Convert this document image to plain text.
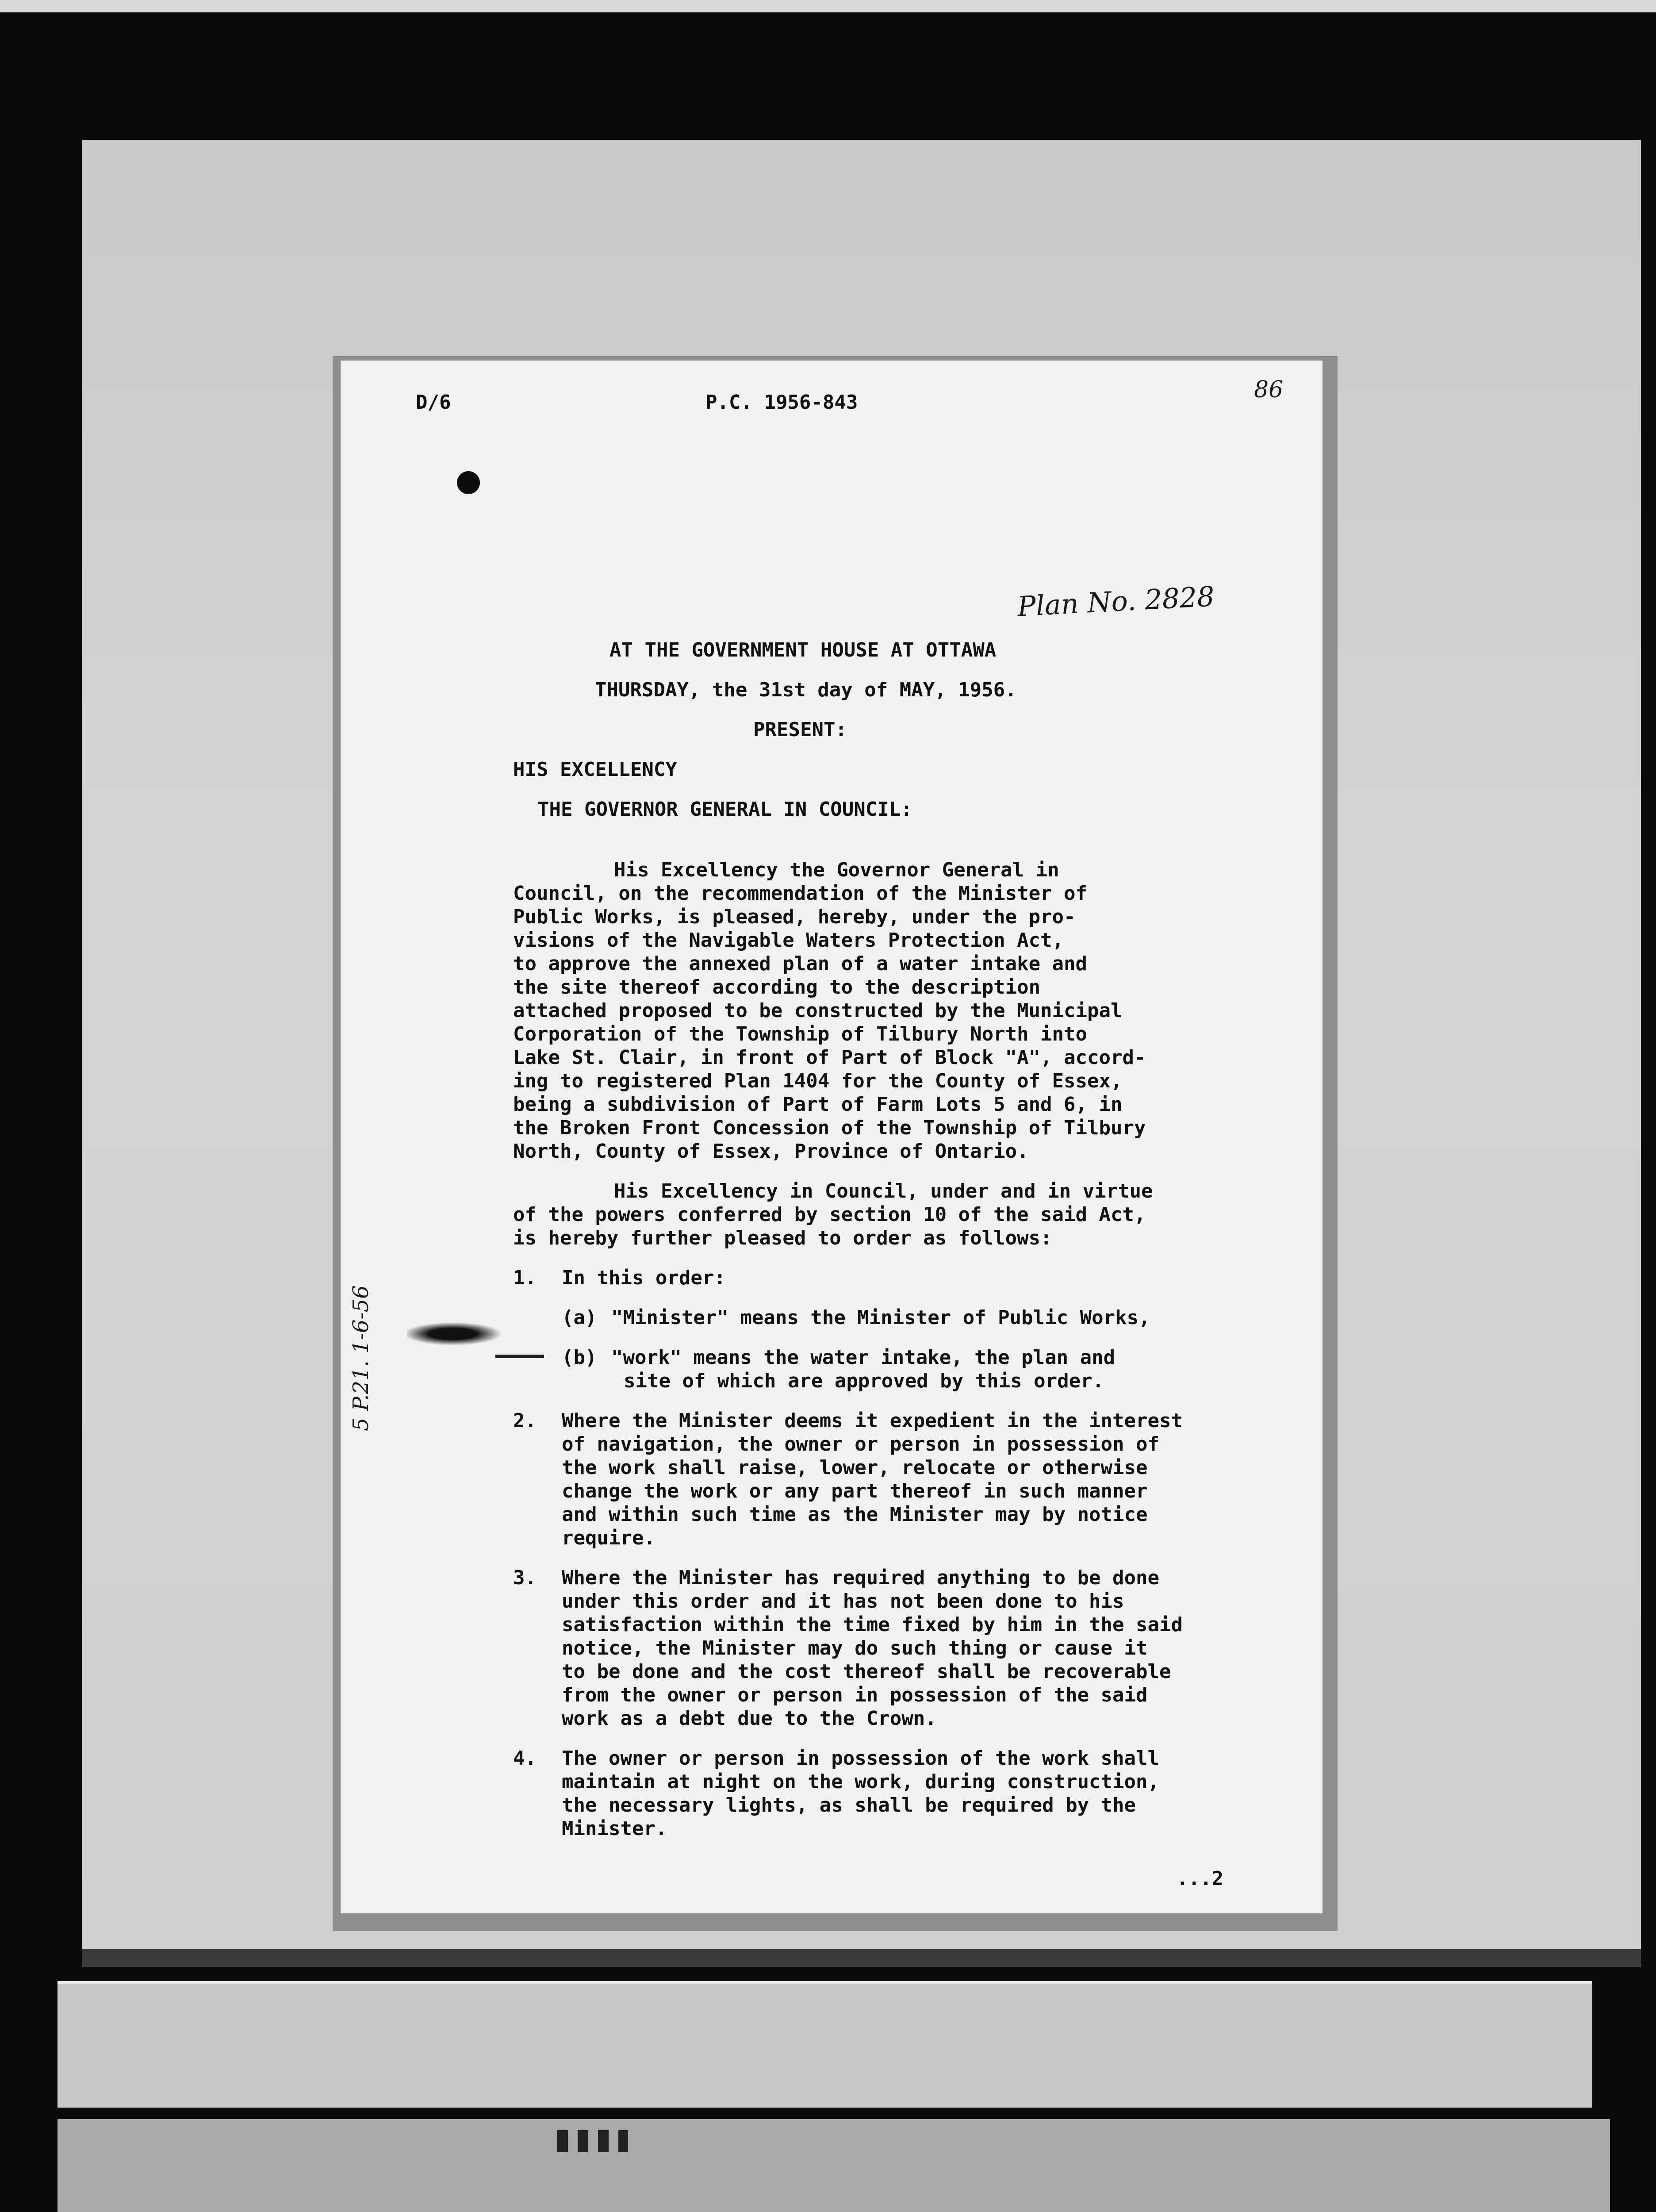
D/6	P.C. 1956-843	86

Plan No. 2828

5 P.21. 1-6-56

AT THE GOVERNMENT HOUSE AT OTTAWA

THURSDAY, the 31st day of MAY, 1956.

PRESENT:

HIS EXCELLENCY

THE GOVERNOR GENERAL IN COUNCIL:

His Excellency the Governor General in

Council, on the recommendation of the Minister of

Public Works, is pleased, hereby, under the pro-

visions of the Navigable Waters Protection Act,

to approve the annexed plan of a water intake and

the site thereof according to the description

attached proposed to be constructed by the Municipal

Corporation of the Township of Tilbury North into

Lake St. Clair, in front of Part of Block "A", accord-

ing to registered Plan 1404 for the County of Essex,

being a subdivision of Part of Farm Lots 5 and 6, in

the Broken Front Concession of the Township of Tilbury

North, County of Essex, Province of Ontario.

His Excellency in Council, under and in virtue

of the powers conferred by section 10 of the said Act,

is hereby further pleased to order as follows:

1. In this order:

(a) "Minister" means the Minister of Public Works,

(b) "work" means the water intake, the plan and

site of which are approved by this order.

2. Where the Minister deems it expedient in the interest

of navigation, the owner or person in possession of

the work shall raise, lower, relocate or otherwise

change the work or any part thereof in such manner

and within such time as the Minister may by notice

require.

3. Where the Minister has required anything to be done

under this order and it has not been done to his

satisfaction within the time fixed by him in the said

notice, the Minister may do such thing or cause it

to be done and the cost thereof shall be recoverable

from the owner or person in possession of the said

work as a debt due to the Crown.

4. The owner or person in possession of the work shall

maintain at night on the work, during construction,

the necessary lights, as shall be required by the

Minister.

...2
